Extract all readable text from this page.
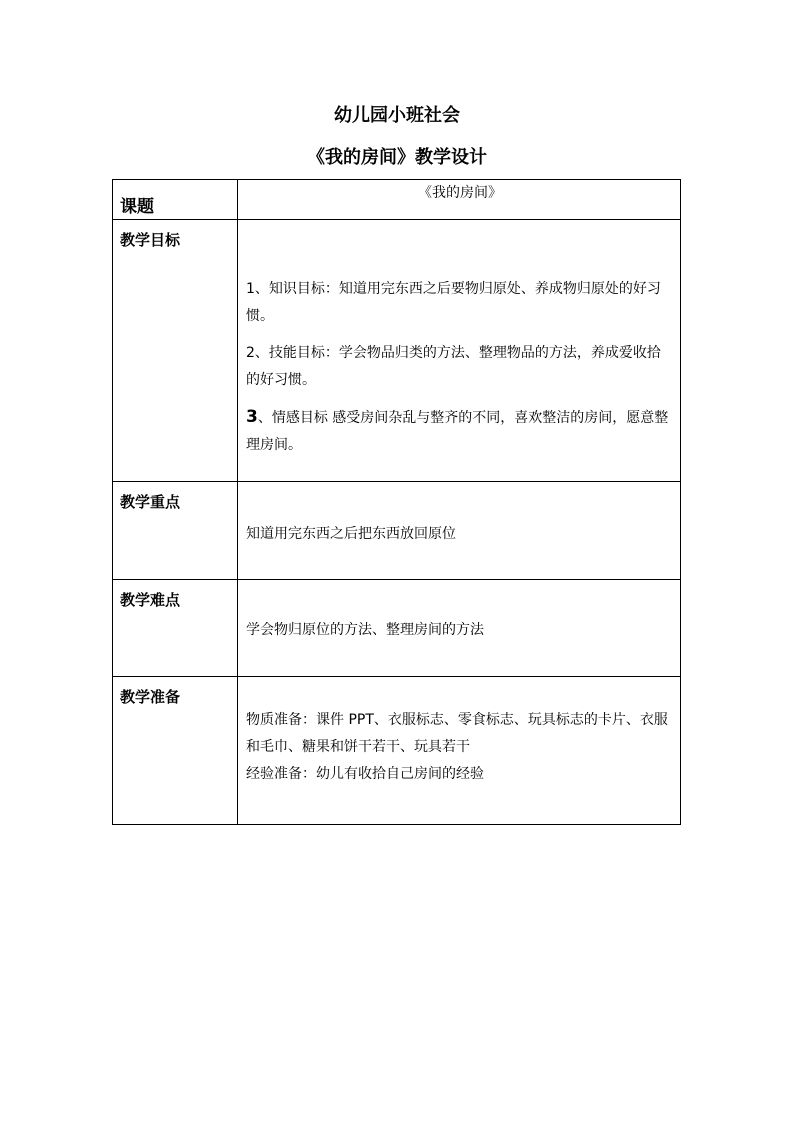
幼儿园小班社会
《我的房间》教学设计
课题	《我的房间》
教学目标	1、知识目标：知道用完东西之后要物归原处、养成物归原处的好习惯。

2、技能目标：学会物品归类的方法、整理物品的方法，养成爱收拾的好习惯。

3、情感目标 感受房间杂乱与整齐的不同，喜欢整洁的房间，愿意整理房间。

教学重点	知道用完东西之后把东西放回原位
教学难点	学会物归原位的方法、整理房间的方法
教学准备	物质准备：课件 PPT、衣服标志、零食标志、玩具标志的卡片、衣服和毛巾、糖果和饼干若干、玩具若干

经验准备：幼儿有收拾自己房间的经验
